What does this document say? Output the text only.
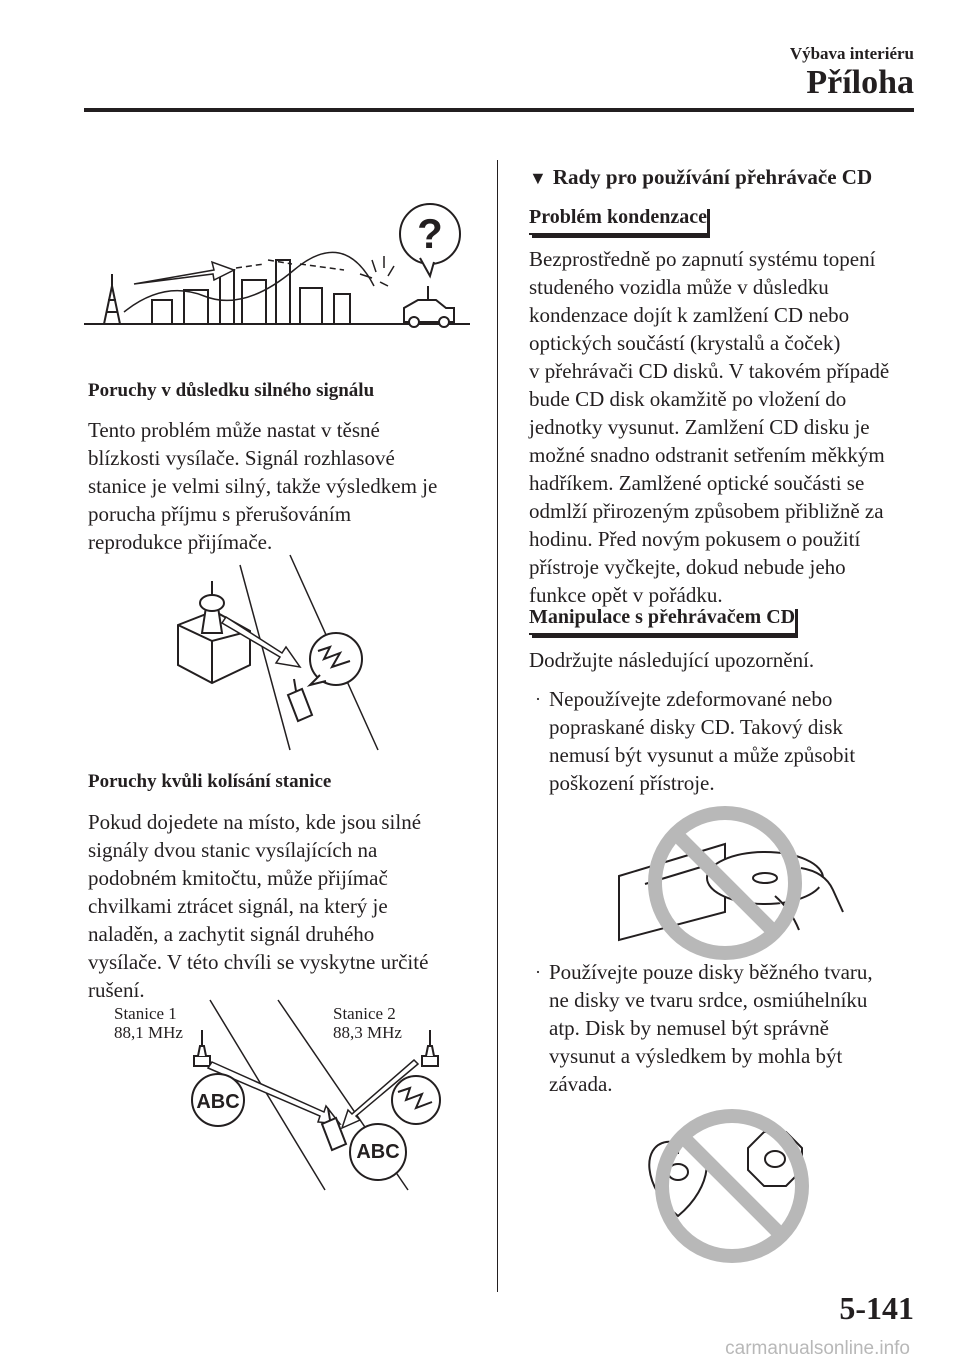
Výbava interiéru
Příloha
?
Poruchy v důsledku silného signálu
Tento problém může nastat v těsné
blízkosti vysílače. Signál rozhlasové
stanice je velmi silný, takže výsledkem je
porucha příjmu s přerušováním
reprodukce přijímače.
Poruchy kvůli kolísání stanice
Pokud dojedete na místo, kde jsou silné
signály dvou stanic vysílajících na
podobném kmitočtu, může přijímač
chvilkami ztrácet signál, na který je
naladěn, a zachytit signál druhého
vysílače. V této chvíli se vyskytne určité
rušení.
Stanice 1
88,1 MHz
Stanice 2
88,3 MHz
ABC
ABC
▼ Rady pro používání přehrávače CD
Problém kondenzace
Bezprostředně po zapnutí systému topení
studeného vozidla může v důsledku
kondenzace dojít k zamlžení CD nebo
optických součástí (krystalů a čoček)
v přehrávači CD disků. V takovém případě
bude CD disk okamžitě po vložení do
jednotky vysunut. Zamlžení CD disku je
možné snadno odstranit setřením měkkým
hadříkem. Zamlžené optické součásti se
odmlží přirozeným způsobem přibližně za
hodinu. Před novým pokusem o použití
přístroje vyčkejte, dokud nebude jeho
funkce opět v pořádku.
Manipulace s přehrávačem CD
Dodržujte následující upozornění.
· Nepoužívejte zdeformované nebo
popraskané disky CD. Takový disk
nemusí být vysunut a může způsobit
poškození přístroje.
· Používejte pouze disky běžného tvaru,
ne disky ve tvaru srdce, osmiúhelníku
atp. Disk by nemusel být správně
vysunut a výsledkem by mohla být
závada.
5-141
carmanualsonline.info
